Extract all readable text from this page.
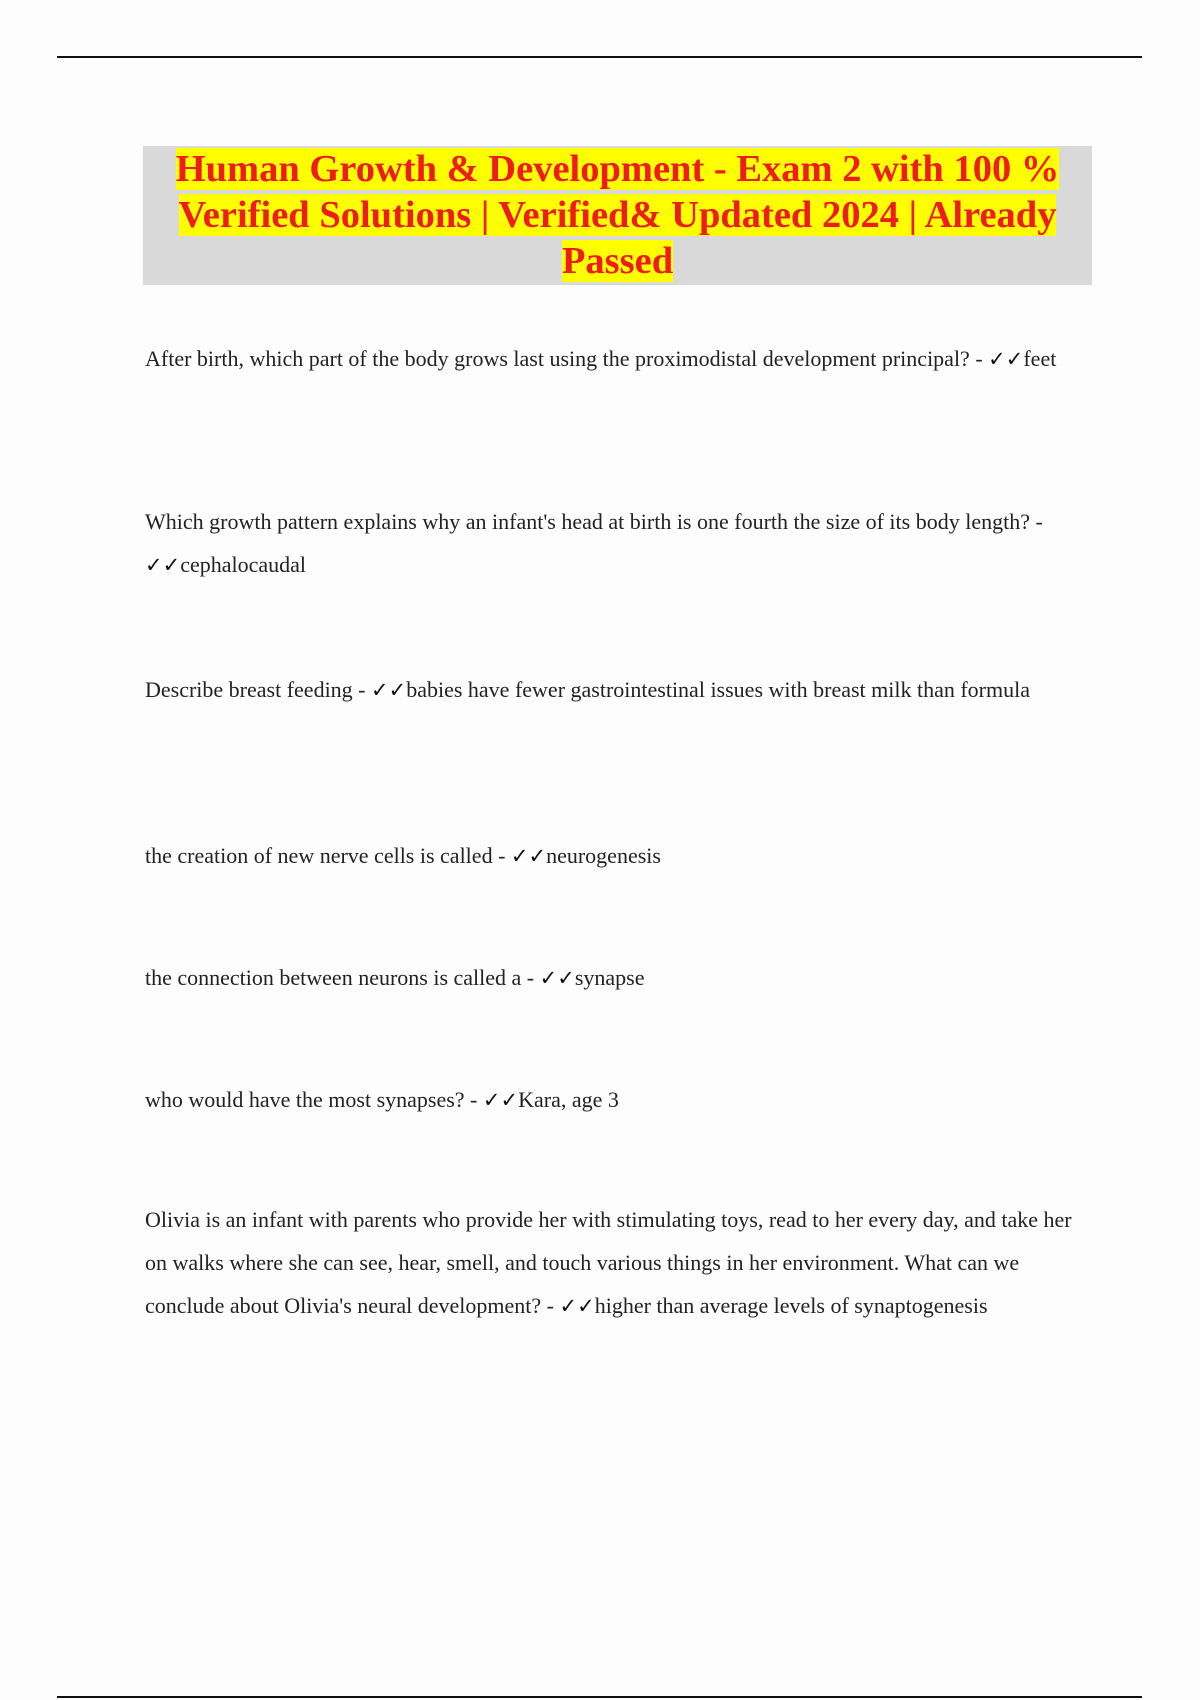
Human Growth & Development - Exam 2 with 100 % Verified Solutions | Verified& Updated 2024 | Already Passed

After birth, which part of the body grows last using the proximodistal development principal? - ✓✓feet

Which growth pattern explains why an infant's head at birth is one fourth the size of its body length? - ✓✓cephalocaudal

Describe breast feeding - ✓✓babies have fewer gastrointestinal issues with breast milk than formula

the creation of new nerve cells is called - ✓✓neurogenesis

the connection between neurons is called a - ✓✓synapse

who would have the most synapses? - ✓✓Kara, age 3

Olivia is an infant with parents who provide her with stimulating toys, read to her every day, and take her on walks where she can see, hear, smell, and touch various things in her environment. What can we conclude about Olivia's neural development? - ✓✓higher than average levels of synaptogenesis
